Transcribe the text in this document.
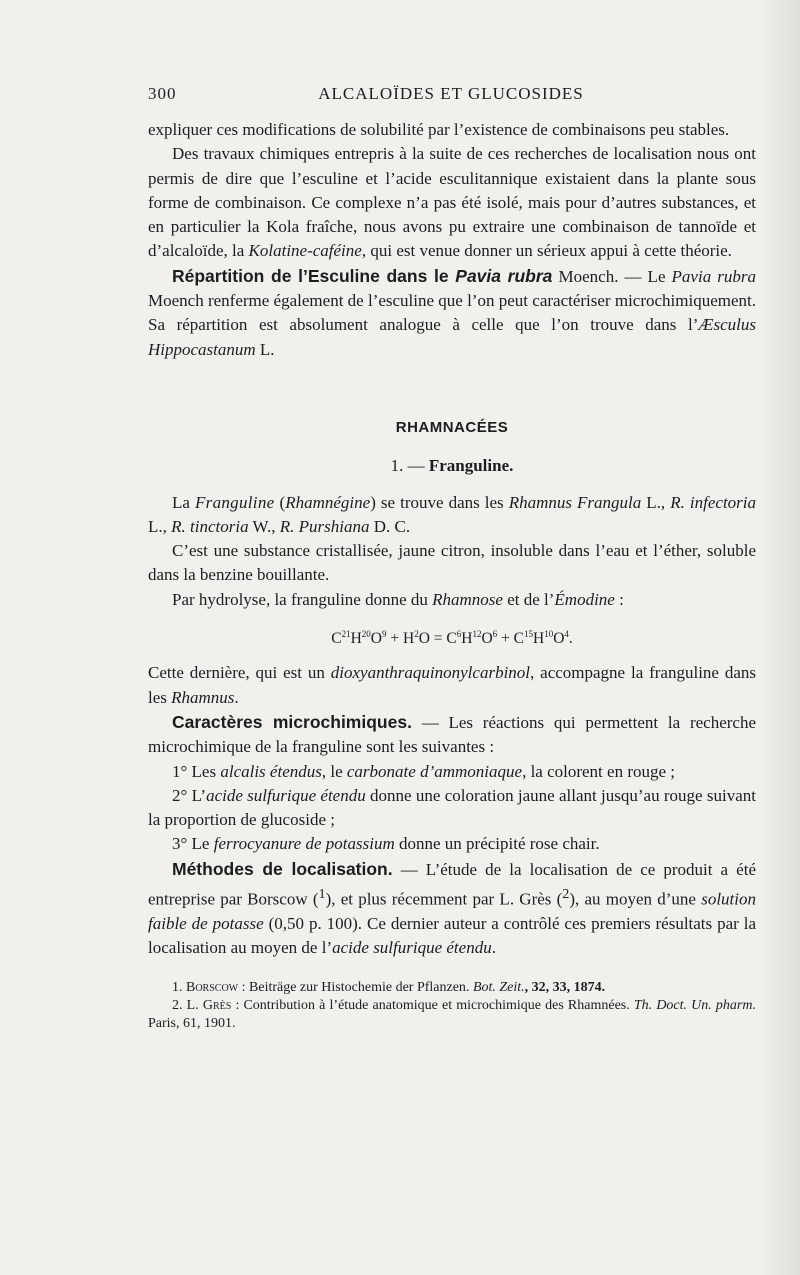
300	ALCALOÏDES ET GLUCOSIDES

expliquer ces modifications de solubilité par l’existence de combinaisons peu stables.

Des travaux chimiques entrepris à la suite de ces recherches de localisation nous ont permis de dire que l’esculine et l’acide esculitannique existaient dans la plante sous forme de combinaison. Ce complexe n’a pas été isolé, mais pour d’autres substances, et en particulier la Kola fraîche, nous avons pu extraire une combinaison de tannoïde et d’alcaloïde, la Kolatine-caféine, qui est venue donner un sérieux appui à cette théorie.

Répartition de l’Esculine dans le Pavia rubra Moench. — Le Pavia rubra Moench renferme également de l’esculine que l’on peut caractériser microchimiquement. Sa répartition est absolument analogue à celle que l’on trouve dans l’Æsculus Hippocastanum L.

RHAMNACÉES
1. — Franguline.

La Franguline (Rhamnégine) se trouve dans les Rhamnus Frangula L., R. infectoria L., R. tinctoria W., R. Purshiana D. C.

C’est une substance cristallisée, jaune citron, insoluble dans l’eau et l’éther, soluble dans la benzine bouillante.

Par hydrolyse, la franguline donne du Rhamnose et de l’Émodine :

$C^{21}H^{20}O^9 + H^2O = C^6H^{12}O^6 + C^{15}H^{10}O^4$.

Cette dernière, qui est un dioxyanthraquinonylcarbinol, accompagne la franguline dans les Rhamnus.

Caractères microchimiques. — Les réactions qui permettent la recherche microchimique de la franguline sont les suivantes :

1° Les alcalis étendus, le carbonate d’ammoniaque, la colorent en rouge ;

2° L’acide sulfurique étendu donne une coloration jaune allant jusqu’au rouge suivant la proportion de glucoside ;

3° Le ferrocyanure de potassium donne un précipité rose chair.

Méthodes de localisation. — L’étude de la localisation de ce produit a été entreprise par Borscow ($^1$), et plus récemment par L. Grès ($^2$), au moyen d’une solution faible de potasse (0,50 p. 100). Ce dernier auteur a contrôlé ces premiers résultats par la localisation au moyen de l’acide sulfurique étendu.

1. Borscow : Beiträge zur Histochemie der Pflanzen. Bot. Zeit., 32, 33, 1874.

2. L. Grès : Contribution à l’étude anatomique et microchimique des Rhamnées. Th. Doct. Un. pharm. Paris, 61, 1901.
